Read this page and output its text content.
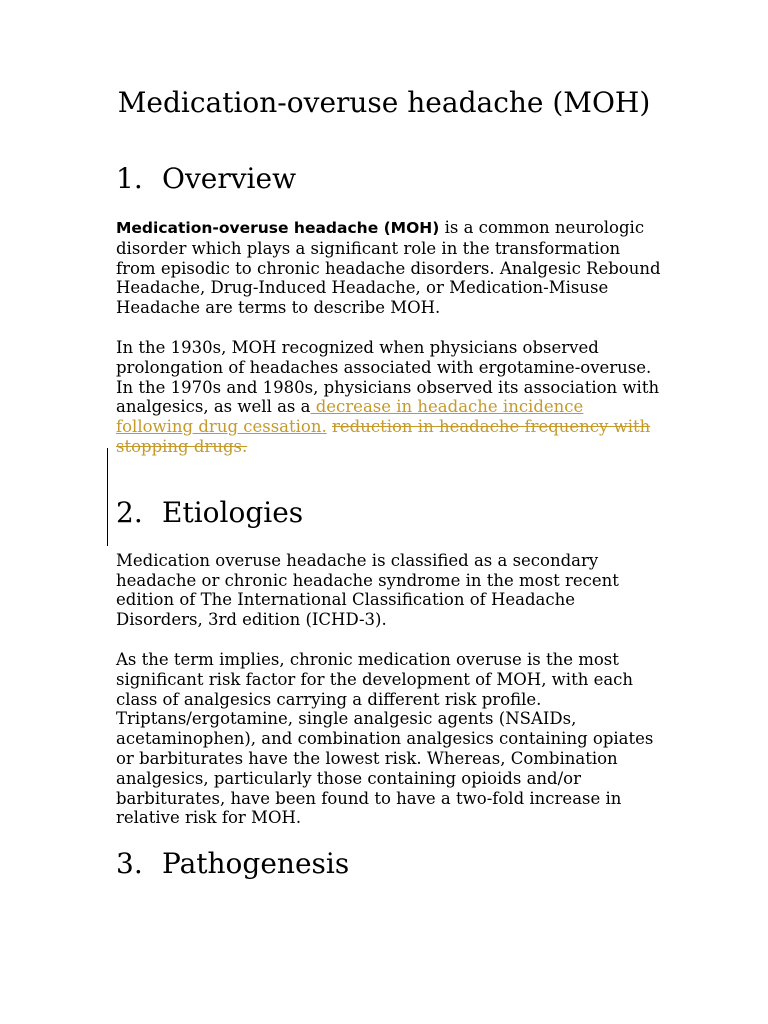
Medication-overuse headache (MOH)
1. Overview

Medication-overuse headache (MOH) is a common neurologic disorder which plays a significant role in the transformation from episodic to chronic headache disorders. Analgesic Rebound Headache, Drug-Induced Headache, or Medication-Misuse Headache are terms to describe MOH.

In the 1930s, MOH recognized when physicians observed prolongation of headaches associated with ergotamine-overuse. In the 1970s and 1980s, physicians observed its association with analgesics, as well as a decrease in headache incidence following drug cessation. reduction in headache frequency with stopping drugs.

2. Etiologies

Medication overuse headache is classified as a secondary headache or chronic headache syndrome in the most recent edition of The International Classification of Headache Disorders, 3rd edition (ICHD-3).

As the term implies, chronic medication overuse is the most significant risk factor for the development of MOH, with each class of analgesics carrying a different risk profile. Triptans/ergotamine, single analgesic agents (NSAIDs, acetaminophen), and combination analgesics containing opiates or barbiturates have the lowest risk. Whereas, Combination analgesics, particularly those containing opioids and/or barbiturates, have been found to have a two-fold increase in relative risk for MOH.

3. Pathogenesis
